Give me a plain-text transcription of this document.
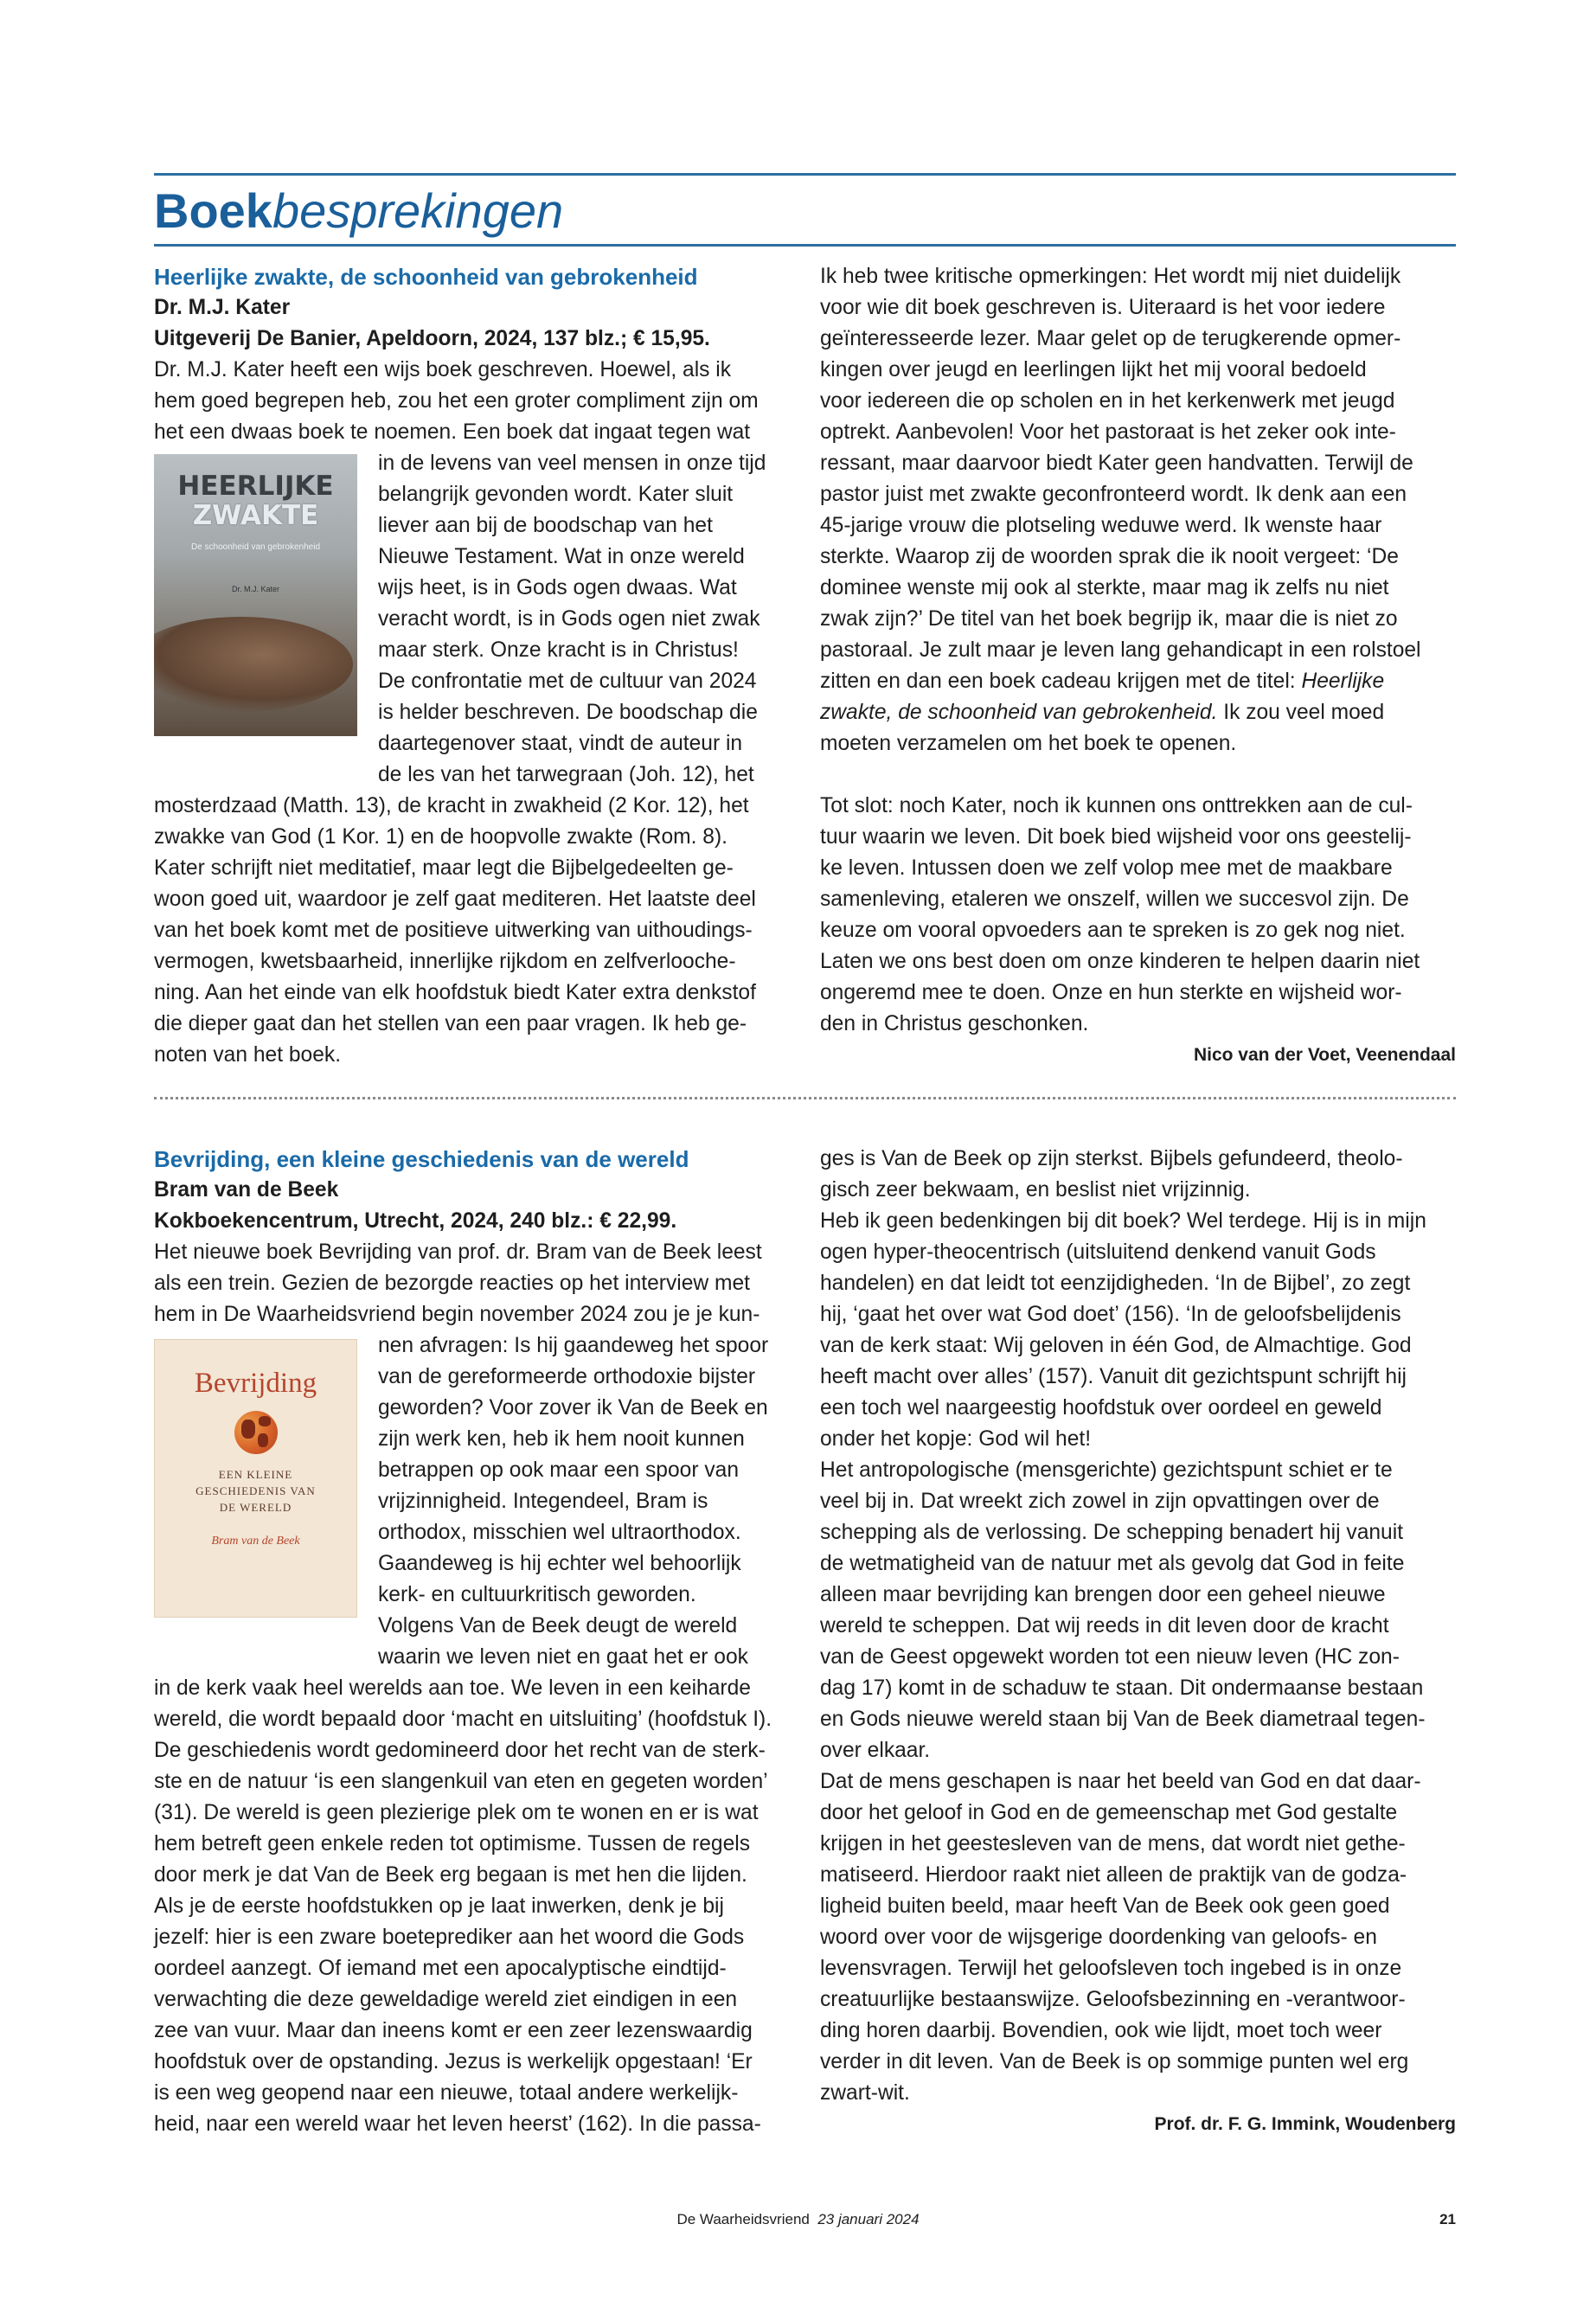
Boekbesprekingen

Heerlijke zwakte, de schoonheid van gebrokenheid

Dr. M.J. Kater

Uitgeverij De Banier, Apeldoorn, 2024, 137 blz.; € 15,95.

Dr. M.J. Kater heeft een wijs boek geschreven. Hoewel, als ik

hem goed begrepen heb, zou het een groter compliment zijn om

het een dwaas boek te noemen. Een boek dat ingaat tegen wat

HEERLIJKE
ZWAKTE
De schoonheid van gebrokenheid
Dr. M.J. Kater

in de levens van veel mensen in onze tijd

belangrijk gevonden wordt. Kater sluit

liever aan bij de boodschap van het

Nieuwe Testament. Wat in onze wereld

wijs heet, is in Gods ogen dwaas. Wat

veracht wordt, is in Gods ogen niet zwak

maar sterk. Onze kracht is in Christus!

De confrontatie met de cultuur van 2024

is helder beschreven. De boodschap die

daartegenover staat, vindt de auteur in

de les van het tarwegraan (Joh. 12), het

mosterdzaad (Matth. 13), de kracht in zwakheid (2 Kor. 12), het

zwakke van God (1 Kor. 1) en de hoopvolle zwakte (Rom. 8).

Kater schrijft niet meditatief, maar legt die Bijbelgedeelten ge-

woon goed uit, waardoor je zelf gaat mediteren. Het laatste deel

van het boek komt met de positieve uitwerking van uithoudings-

vermogen, kwetsbaarheid, innerlijke rijkdom en zelfverlooche-

ning. Aan het einde van elk hoofdstuk biedt Kater extra denkstof

die dieper gaat dan het stellen van een paar vragen. Ik heb ge-

noten van het boek.

Ik heb twee kritische opmerkingen: Het wordt mij niet duidelijk

voor wie dit boek geschreven is. Uiteraard is het voor iedere

geïnteresseerde lezer. Maar gelet op de terugkerende opmer-

kingen over jeugd en leerlingen lijkt het mij vooral bedoeld

voor iedereen die op scholen en in het kerkenwerk met jeugd

optrekt. Aanbevolen! Voor het pastoraat is het zeker ook inte-

ressant, maar daarvoor biedt Kater geen handvatten. Terwijl de

pastor juist met zwakte geconfronteerd wordt. Ik denk aan een

45-jarige vrouw die plotseling weduwe werd. Ik wenste haar

sterkte. Waarop zij de woorden sprak die ik nooit vergeet: ‘De

dominee wenste mij ook al sterkte, maar mag ik zelfs nu niet

zwak zijn?’ De titel van het boek begrijp ik, maar die is niet zo

pastoraal. Je zult maar je leven lang gehandicapt in een rolstoel

zitten en dan een boek cadeau krijgen met de titel: Heerlijke

zwakte, de schoonheid van gebrokenheid. Ik zou veel moed

moeten verzamelen om het boek te openen.

Tot slot: noch Kater, noch ik kunnen ons onttrekken aan de cul-

tuur waarin we leven. Dit boek bied wijsheid voor ons geestelij-

ke leven. Intussen doen we zelf volop mee met de maakbare

samenleving, etaleren we onszelf, willen we succesvol zijn. De

keuze om vooral opvoeders aan te spreken is zo gek nog niet.

Laten we ons best doen om onze kinderen te helpen daarin niet

ongeremd mee te doen. Onze en hun sterkte en wijsheid wor-

den in Christus geschonken.

Nico van der Voet, Veenendaal

Bevrijding, een kleine geschiedenis van de wereld

Bram van de Beek

Kokboekencentrum, Utrecht, 2024, 240 blz.: € 22,99.

Het nieuwe boek Bevrijding van prof. dr. Bram van de Beek leest

als een trein. Gezien de bezorgde reacties op het interview met

hem in De Waarheidsvriend begin november 2024 zou je je kun-

Bevrijding
EEN KLEINE
GESCHIEDENIS VAN
DE WERELD
Bram van de Beek

nen afvragen: Is hij gaandeweg het spoor

van de gereformeerde orthodoxie bijster

geworden? Voor zover ik Van de Beek en

zijn werk ken, heb ik hem nooit kunnen

betrappen op ook maar een spoor van

vrijzinnigheid. Integendeel, Bram is

orthodox, misschien wel ultraorthodox.

Gaandeweg is hij echter wel behoorlijk

kerk- en cultuurkritisch geworden.

Volgens Van de Beek deugt de wereld

waarin we leven niet en gaat het er ook

in de kerk vaak heel werelds aan toe. We leven in een keiharde

wereld, die wordt bepaald door ‘macht en uitsluiting’ (hoofdstuk I).

De geschiedenis wordt gedomineerd door het recht van de sterk-

ste en de natuur ‘is een slangenkuil van eten en gegeten worden’

(31). De wereld is geen plezierige plek om te wonen en er is wat

hem betreft geen enkele reden tot optimisme. Tussen de regels

door merk je dat Van de Beek erg begaan is met hen die lijden.

Als je de eerste hoofdstukken op je laat inwerken, denk je bij

jezelf: hier is een zware boeteprediker aan het woord die Gods

oordeel aanzegt. Of iemand met een apocalyptische eindtijd-

verwachting die deze geweldadige wereld ziet eindigen in een

zee van vuur. Maar dan ineens komt er een zeer lezenswaardig

hoofdstuk over de opstanding. Jezus is werkelijk opgestaan! ‘Er

is een weg geopend naar een nieuwe, totaal andere werkelijk-

heid, naar een wereld waar het leven heerst’ (162). In die passa-

ges is Van de Beek op zijn sterkst. Bijbels gefundeerd, theolo-

gisch zeer bekwaam, en beslist niet vrijzinnig.

Heb ik geen bedenkingen bij dit boek? Wel terdege. Hij is in mijn

ogen hyper-theocentrisch (uitsluitend denkend vanuit Gods

handelen) en dat leidt tot eenzijdigheden. ‘In de Bijbel’, zo zegt

hij, ‘gaat het over wat God doet’ (156). ‘In de geloofsbelijdenis

van de kerk staat: Wij geloven in één God, de Almachtige. God

heeft macht over alles’ (157). Vanuit dit gezichtspunt schrijft hij

een toch wel naargeestig hoofdstuk over oordeel en geweld

onder het kopje: God wil het!

Het antropologische (mensgerichte) gezichtspunt schiet er te

veel bij in. Dat wreekt zich zowel in zijn opvattingen over de

schepping als de verlossing. De schepping benadert hij vanuit

de wetmatigheid van de natuur met als gevolg dat God in feite

alleen maar bevrijding kan brengen door een geheel nieuwe

wereld te scheppen. Dat wij reeds in dit leven door de kracht

van de Geest opgewekt worden tot een nieuw leven (HC zon-

dag 17) komt in de schaduw te staan. Dit ondermaanse bestaan

en Gods nieuwe wereld staan bij Van de Beek diametraal tegen-

over elkaar.

Dat de mens geschapen is naar het beeld van God en dat daar-

door het geloof in God en de gemeenschap met God gestalte

krijgen in het geestesleven van de mens, dat wordt niet gethe-

matiseerd. Hierdoor raakt niet alleen de praktijk van de godza-

ligheid buiten beeld, maar heeft Van de Beek ook geen goed

woord over voor de wijsgerige doordenking van geloofs- en

levensvragen. Terwijl het geloofsleven toch ingebed is in onze

creatuurlijke bestaanswijze. Geloofsbezinning en -verantwoor-

ding horen daarbij. Bovendien, ook wie lijdt, moet toch weer

verder in dit leven. Van de Beek is op sommige punten wel erg

zwart-wit.

Prof. dr. F. G. Immink, Woudenberg

De Waarheidsvriend 23 januari 2024	21
